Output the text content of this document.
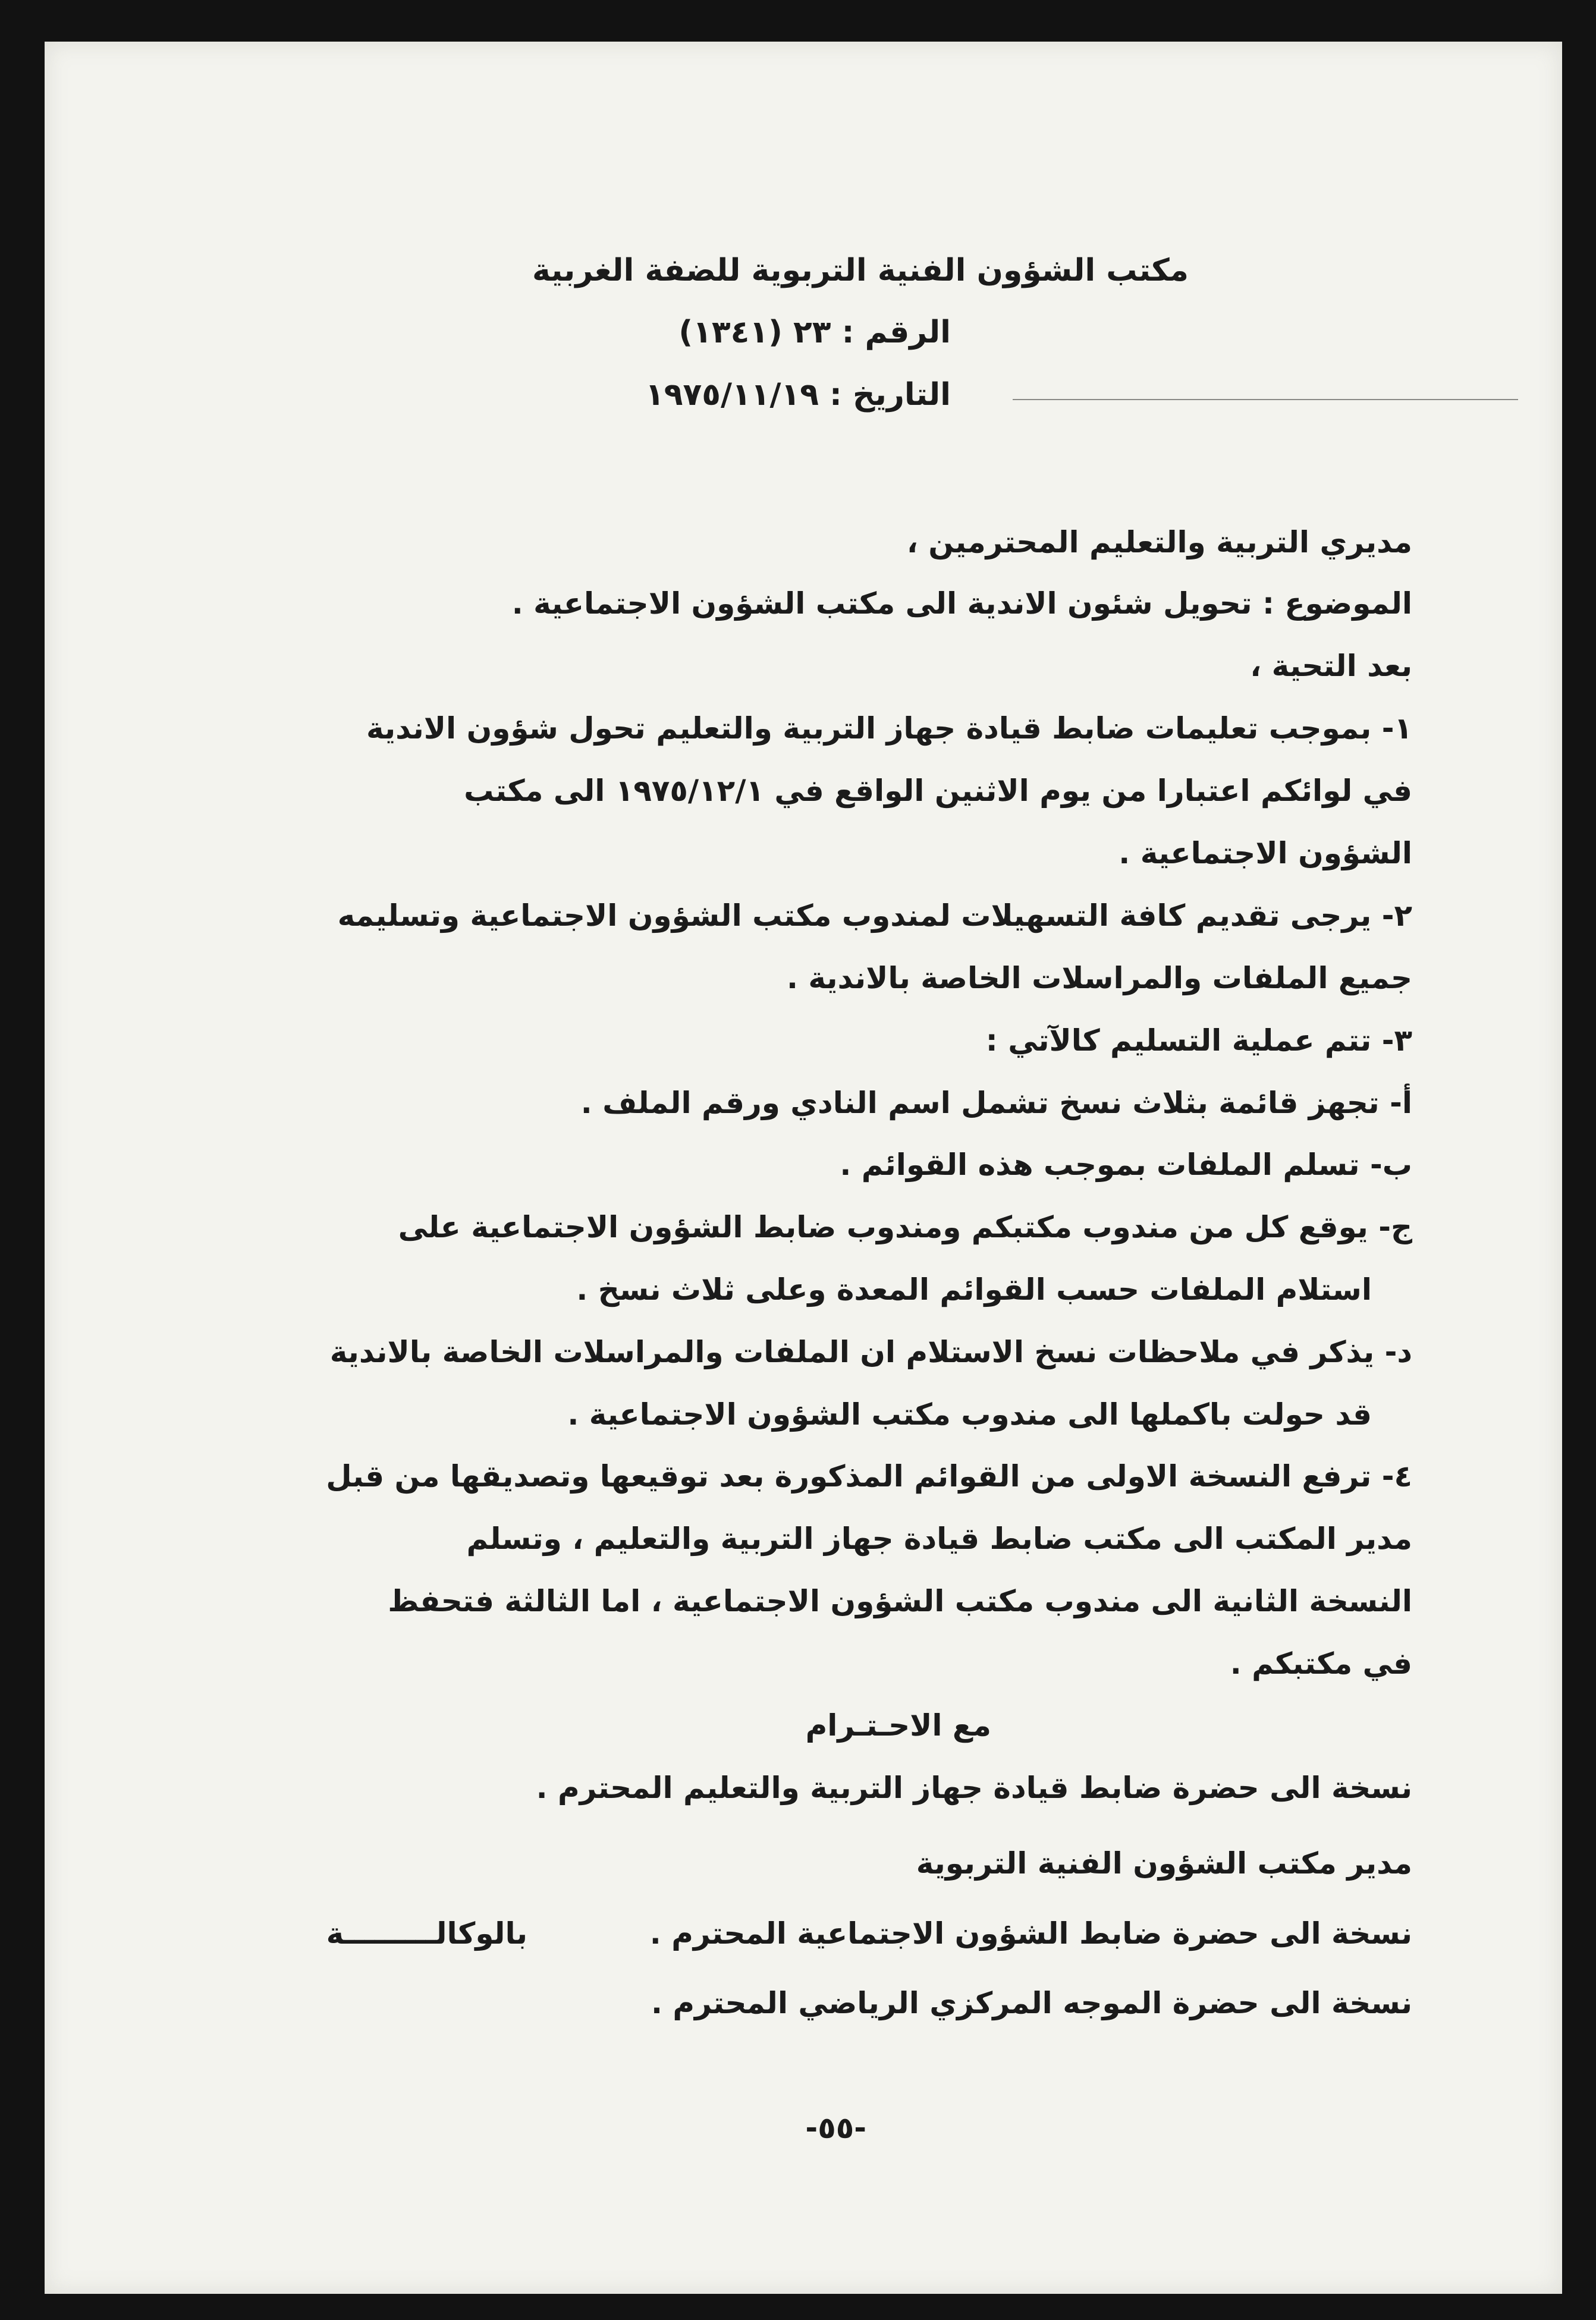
مكتب الشؤون الفنية التربوية للضفة الغربية
الرقم : ٢٣ (١٣٤١)
التاريخ : ١٩٧٥/١١/١٩
مديري التربية والتعليم المحترمين ،
الموضوع : تحويل شئون الاندية الى مكتب الشؤون الاجتماعية .
بعد التحية ،
١- بموجب تعليمات ضابط قيادة جهاز التربية والتعليم تحول شؤون الاندية
في لوائكم اعتبارا من يوم الاثنين الواقع في ١٩٧٥/١٢/١ الى مكتب
الشؤون الاجتماعية .
٢- يرجى تقديم كافة التسهيلات لمندوب مكتب الشؤون الاجتماعية وتسليمه
جميع الملفات والمراسلات الخاصة بالاندية .
٣- تتم عملية التسليم كالآتي :
أ- تجهز قائمة بثلاث نسخ تشمل اسم النادي ورقم الملف .
ب- تسلم الملفات بموجب هذه القوائم .
ج- يوقع كل من مندوب مكتبكم ومندوب ضابط الشؤون الاجتماعية على
استلام الملفات حسب القوائم المعدة وعلى ثلاث نسخ .
د- يذكر في ملاحظات نسخ الاستلام ان الملفات والمراسلات الخاصة بالاندية
قد حولت باكملها الى مندوب مكتب الشؤون الاجتماعية .
٤- ترفع النسخة الاولى من القوائم المذكورة بعد توقيعها وتصديقها من قبل
مدير المكتب الى مكتب ضابط قيادة جهاز التربية والتعليم ، وتسلم
النسخة الثانية الى مندوب مكتب الشؤون الاجتماعية ، اما الثالثة فتحفظ
في مكتبكم .
مع الاحـتـرام
نسخة الى حضرة ضابط قيادة جهاز التربية والتعليم المحترم .
مدير مكتب الشؤون الفنية التربوية
نسخة الى حضرة ضابط الشؤون الاجتماعية المحترم .
بالوكالـــــــــة
نسخة الى حضرة الموجه المركزي الرياضي المحترم .
-٥٥-
